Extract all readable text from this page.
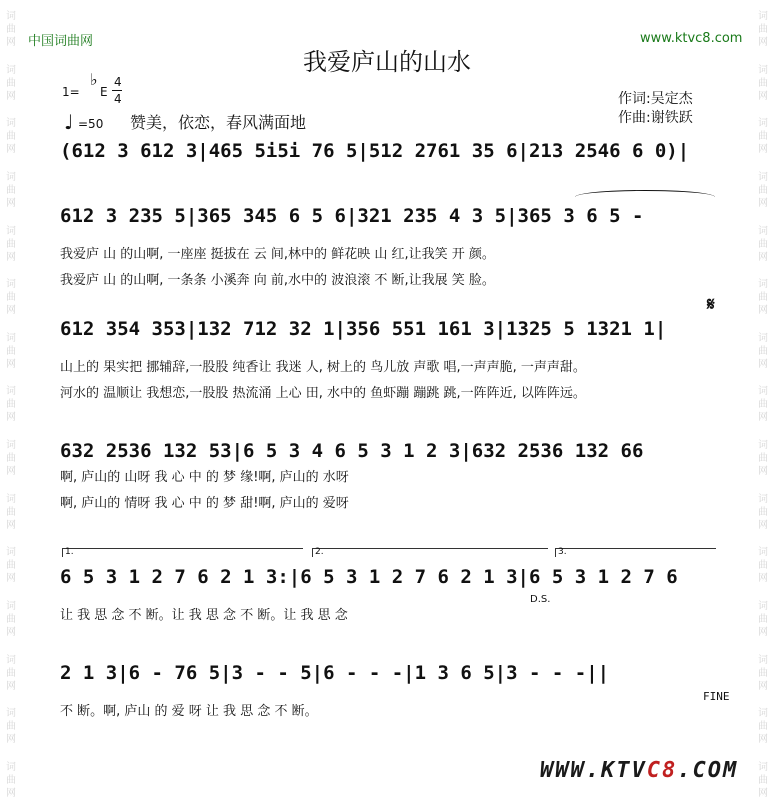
词
曲
网
词
曲
网
词
曲
网
词
曲
网
词
曲
网
词
曲
网
词
曲
网
词
曲
网
词
曲
网
词
曲
网
词
曲
网
词
曲
网
词
曲
网
词
曲
网
词
曲
网
词
曲
网
词
曲
网
词
曲
网
词
曲
网
词
曲
网
词
曲
网
词
曲
网
词
曲
网
词
曲
网
词
曲
网
词
曲
网
词
曲
网
词
曲
网
词
曲
网
词
曲
网
中国词曲网	www.ktvc8.com
我爱庐山的山水
1=
♭
E
4
4
♩ =50 赞美，依恋，春风满面地
作词:吴定杰
作曲:谢铁跃
(612 3 612 3|465 5i5i 76 5|512 2761 35 6|213 2546 6 0)|
612 3 235 5|365 345 6 5 6|321 235 4 3 5|365 3 6 5 -
我爱庐 山 的山啊, 一座座 挺拔在 云 间,林中的 鲜花映 山 红,让我笑 开 颜。
我爱庐 山 的山啊, 一条条 小溪奔 向 前,水中的 波浪滚 不 断,让我展 笑 脸。
612 354 353|132 712 32 1|356 551 161 3|1325 5 1321 1|
山上的 果实把 挪辅辞,一股股 纯香让 我迷 人, 树上的 鸟儿放 声歌 唱,一声声脆, 一声声甜。
河水的 温顺让 我想恋,一股股 热流涌 上心 田, 水中的 鱼虾蹦 蹦跳 跳,一阵阵近, 以阵阵远。
𝄋
632 2536 132 53|6 5 3 4 6 5 3 1 2 3|632 2536 132 66
啊, 庐山的 山呀 我 心 中 的 梦 缘!啊, 庐山的 水呀
啊, 庐山的 情呀 我 心 中 的 梦 甜!啊, 庐山的 爱呀
1.	2.	3.
6 5 3 1 2 7 6 2 1 3:|6 5 3 1 2 7 6 2 1 3|6 5 3 1 2 7 6
让 我 思 念 不 断。让 我 思 念 不 断。让 我 思 念
D.S.
2 1 3|6 - 76 5|3 - - 5|6 - - -|1 3 6 5|3 - - -||
不 断。啊, 庐山 的 爱 呀 让 我 思 念 不 断。
FINE
WWW.KTVC8.COM
